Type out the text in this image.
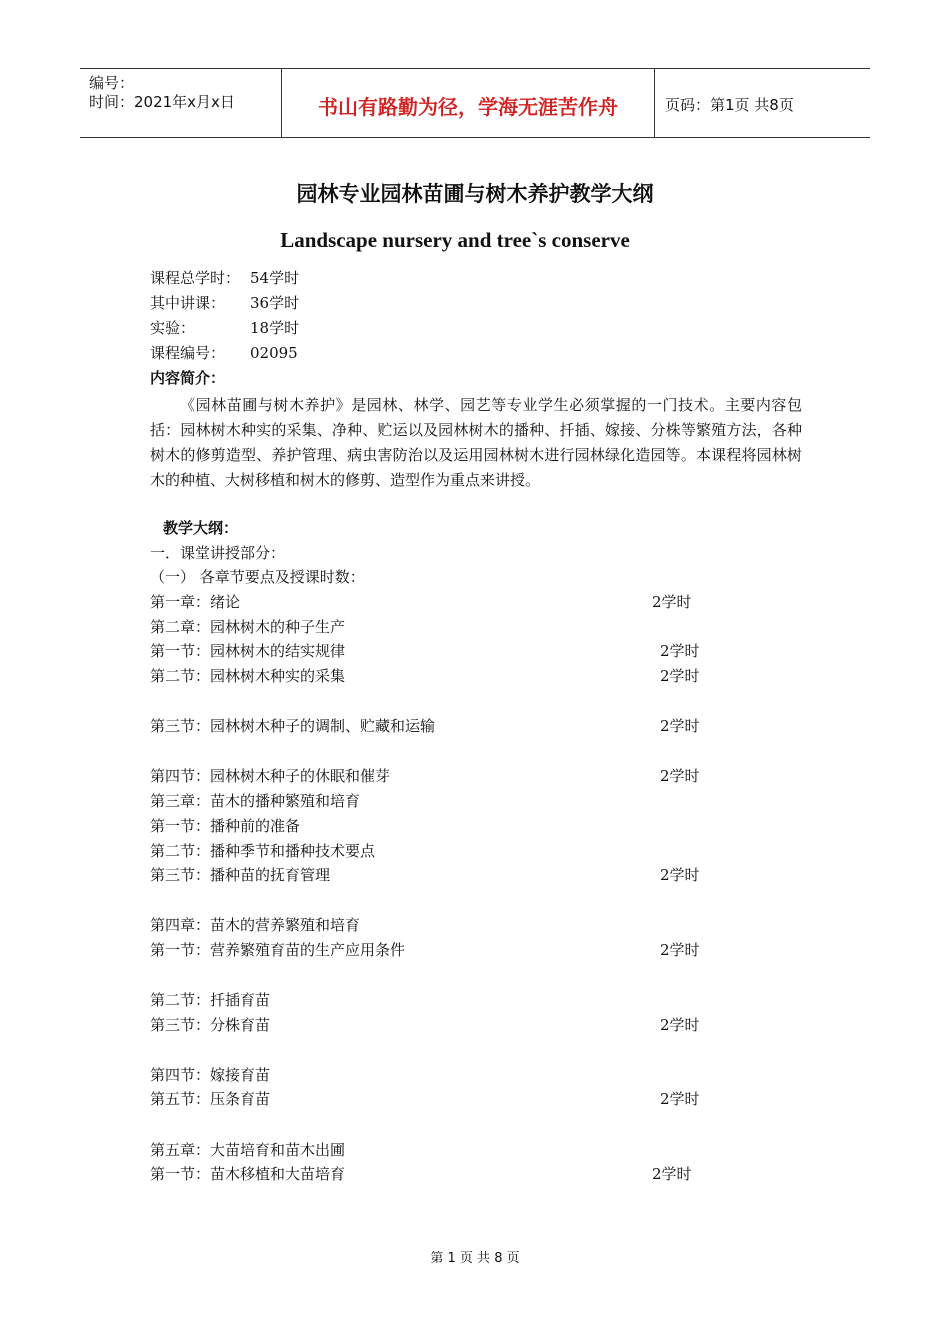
编号：
时间：2021年x月x日	书山有路勤为径，学海无涯苦作舟	页码：第1页 共8页
园林专业园林苗圃与树木养护教学大纲
Landscape nursery and tree`s conserve
课程总学时： 54学时
其中讲课： 36学时
实验：	18学时
课程编号： 02095
内容简介：
《园林苗圃与树木养护》是园林、林学、园艺等专业学生必须掌握的一门技术。主要内容包括：园林树木种实的采集、净种、贮运以及园林树木的播种、扦插、嫁接、分株等繁殖方法，各种树木的修剪造型、养护管理、病虫害防治以及运用园林树木进行园林绿化造园等。本课程将园林树木的种植、大树移植和树木的修剪、造型作为重点来讲授。
教学大纲：
一．课堂讲授部分：
（一） 各章节要点及授课时数：
第一章：绪论	2学时
第二章：园林树木的种子生产
第一节：园林树木的结实规律	2学时
第二节：园林树木种实的采集	2学时
第三节：园林树木种子的调制、贮藏和运输	2学时
第四节：园林树木种子的休眠和催芽	2学时
第三章：苗木的播种繁殖和培育
第一节：播种前的准备
第二节：播种季节和播种技术要点
第三节：播种苗的抚育管理	2学时
第四章：苗木的营养繁殖和培育
第一节：营养繁殖育苗的生产应用条件	2学时
第二节：扦插育苗
第三节：分株育苗	2学时
第四节：嫁接育苗
第五节：压条育苗	2学时
第五章：大苗培育和苗木出圃
第一节：苗木移植和大苗培育	2学时
第 1 页 共 8 页
